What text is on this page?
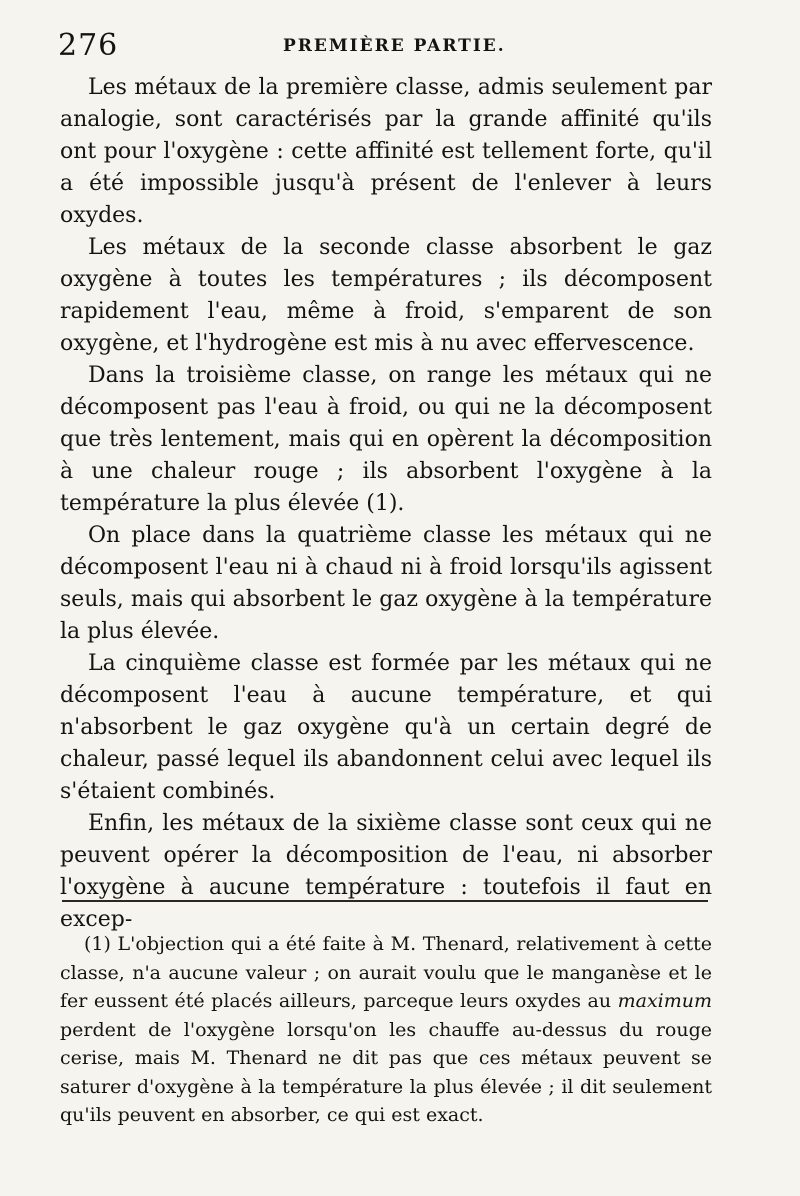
276	PREMIÈRE PARTIE.

Les métaux de la première classe, admis seulement par analogie, sont caractérisés par la grande affinité qu'ils ont pour l'oxygène : cette affinité est tellement forte, qu'il a été impossible jusqu'à présent de l'enlever à leurs oxydes.

Les métaux de la seconde classe absorbent le gaz oxygène à toutes les températures ; ils décomposent rapidement l'eau, même à froid, s'emparent de son oxygène, et l'hydrogène est mis à nu avec effervescence.

Dans la troisième classe, on range les métaux qui ne décomposent pas l'eau à froid, ou qui ne la décomposent que très lentement, mais qui en opèrent la décomposition à une chaleur rouge ; ils absorbent l'oxygène à la température la plus élevée (1).

On place dans la quatrième classe les métaux qui ne décomposent l'eau ni à chaud ni à froid lorsqu'ils agissent seuls, mais qui absorbent le gaz oxygène à la température la plus élevée.

La cinquième classe est formée par les métaux qui ne décomposent l'eau à aucune température, et qui n'absorbent le gaz oxygène qu'à un certain degré de chaleur, passé lequel ils abandonnent celui avec lequel ils s'étaient combinés.

Enfin, les métaux de la sixième classe sont ceux qui ne peuvent opérer la décomposition de l'eau, ni absorber l'oxygène à aucune température : toutefois il faut en excep-

(1) L'objection qui a été faite à M. Thenard, relativement à cette classe, n'a aucune valeur ; on aurait voulu que le manganèse et le fer eussent été placés ailleurs, parceque leurs oxydes au maximum perdent de l'oxygène lorsqu'on les chauffe au-dessus du rouge cerise, mais M. Thenard ne dit pas que ces métaux peuvent se saturer d'oxygène à la température la plus élevée ; il dit seulement qu'ils peuvent en absorber, ce qui est exact.
